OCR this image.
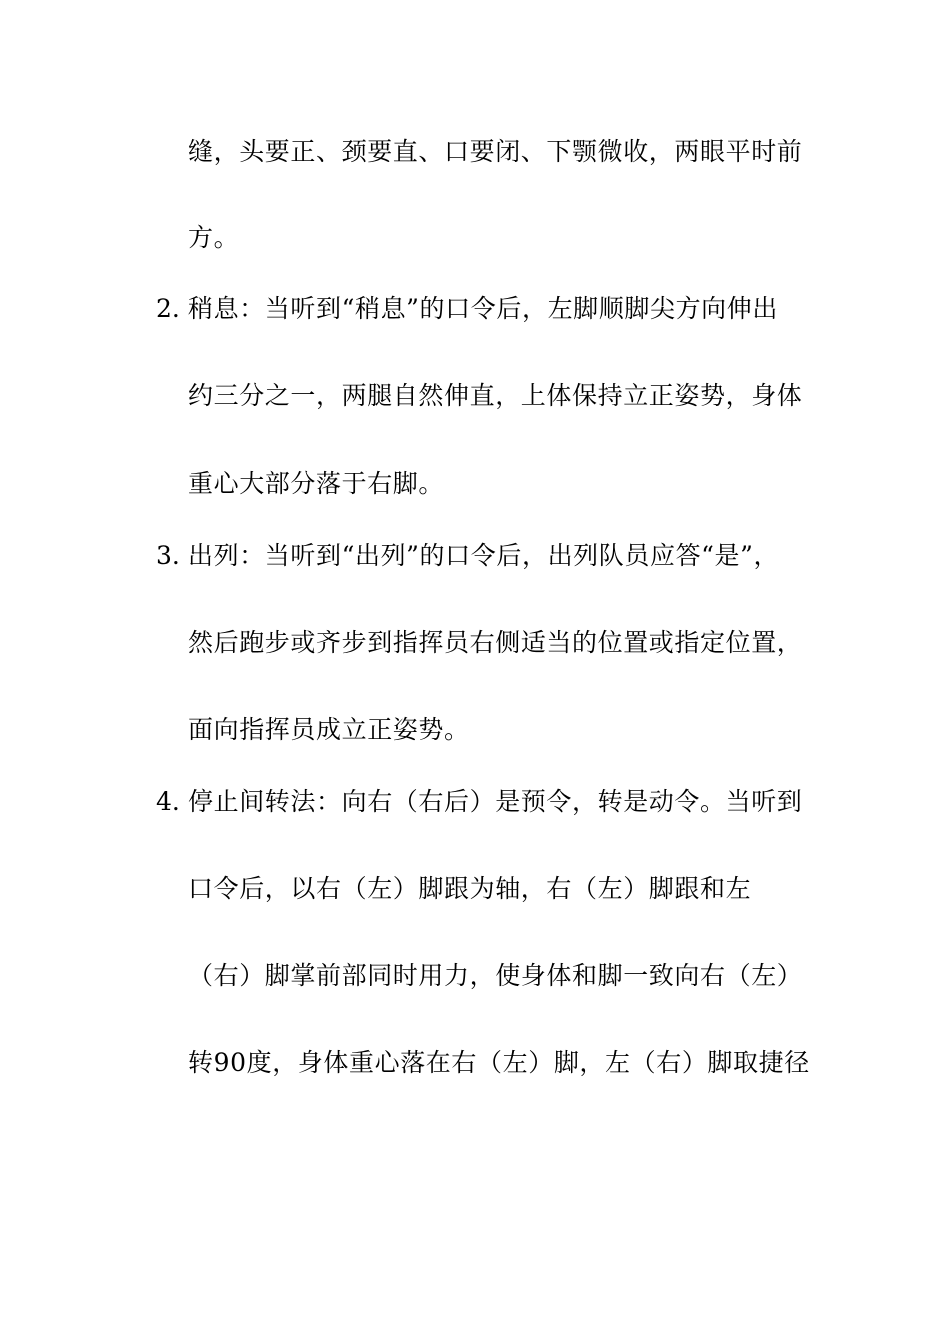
缝，头要正、颈要直、口要闭、下颚微收，两眼平时前
方。
2. 稍息：当听到“稍息”的口令后，左脚顺脚尖方向伸出
约三分之一，两腿自然伸直，上体保持立正姿势，身体
重心大部分落于右脚。
3. 出列：当听到“出列”的口令后，出列队员应答“是”，
然后跑步或齐步到指挥员右侧适当的位置或指定位置，
面向指挥员成立正姿势。
4. 停止间转法：向右（右后）是预令，转是动令。当听到
口令后，以右（左）脚跟为轴，右（左）脚跟和左
（右）脚掌前部同时用力，使身体和脚一致向右（左）
转90度，身体重心落在右（左）脚，左（右）脚取捷径
